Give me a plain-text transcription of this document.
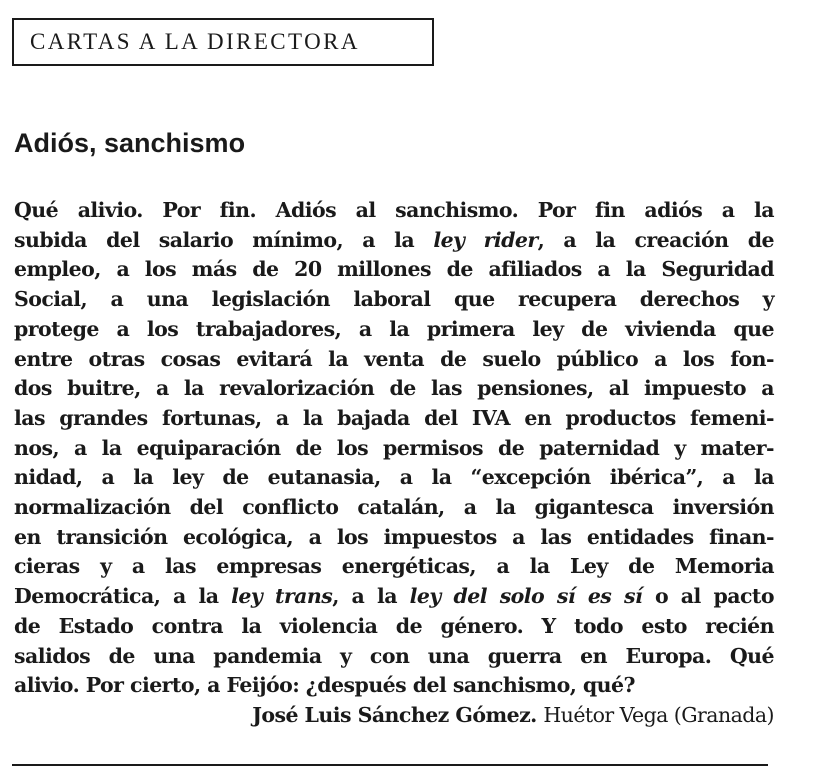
CARTAS A LA DIRECTORA
Adiós, sanchismo
Qué alivio. Por fin. Adiós al sanchismo. Por fin adiós a la
subida del salario mínimo, a la ley rider, a la creación de
empleo, a los más de 20 millones de afiliados a la Seguridad
Social, a una legislación laboral que recupera derechos y
protege a los trabajadores, a la primera ley de vivienda que
entre otras cosas evitará la venta de suelo público a los fon-
dos buitre, a la revalorización de las pensiones, al impuesto a
las grandes fortunas, a la bajada del IVA en productos femeni-
nos, a la equiparación de los permisos de paternidad y mater-
nidad, a la ley de eutanasia, a la “excepción ibérica”, a la
normalización del conflicto catalán, a la gigantesca inversión
en transición ecológica, a los impuestos a las entidades finan-
cieras y a las empresas energéticas, a la Ley de Memoria
Democrática, a la ley trans, a la ley del solo sí es sí o al pacto
de Estado contra la violencia de género. Y todo esto recién
salidos de una pandemia y con una guerra en Europa. Qué
alivio. Por cierto, a Feijóo: ¿después del sanchismo, qué?
José Luis Sánchez Gómez. Huétor Vega (Granada)
